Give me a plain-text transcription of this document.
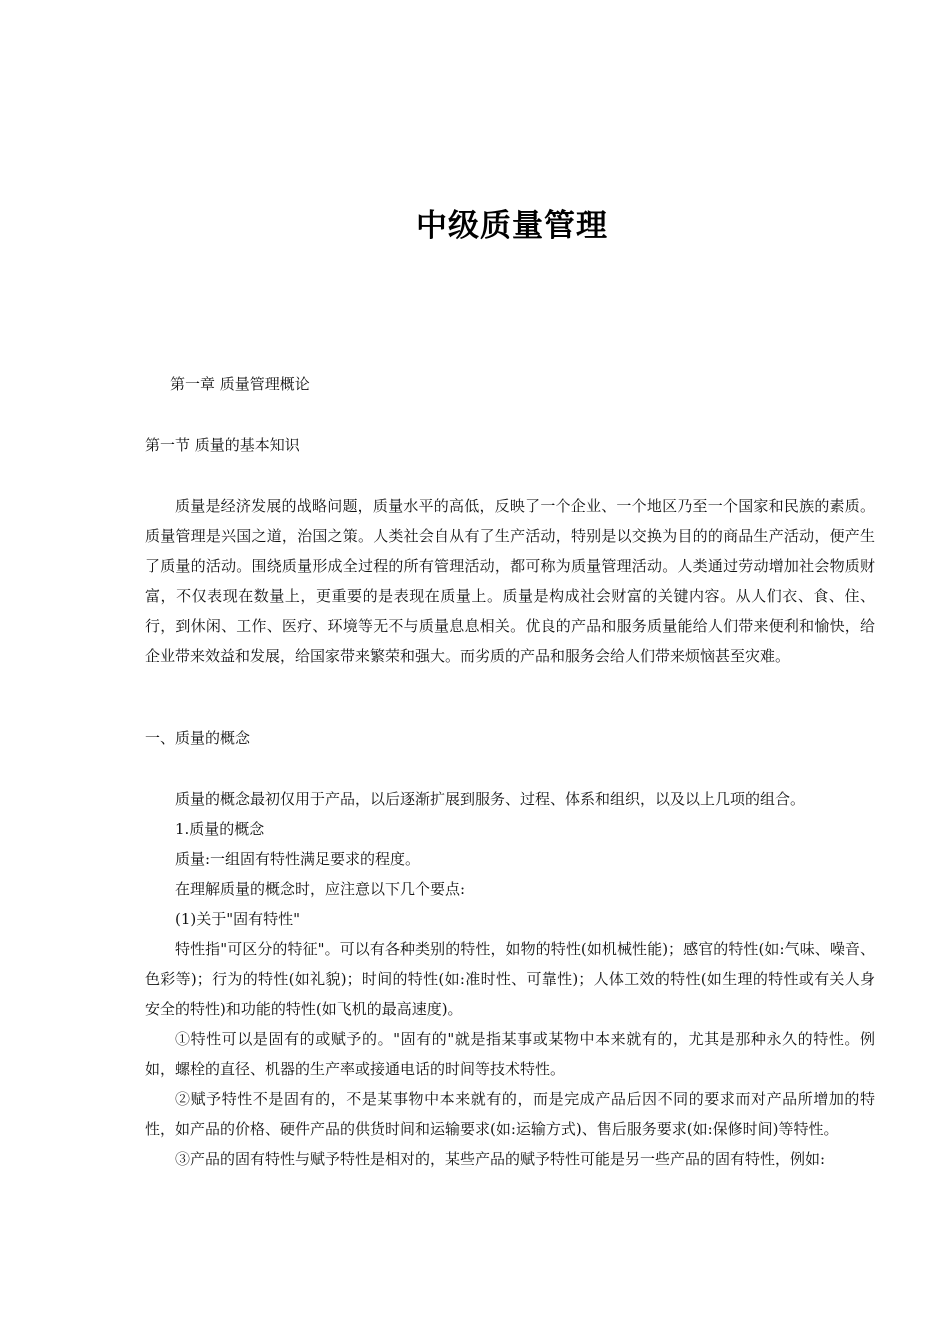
中级质量管理
第一章 质量管理概论
第一节 质量的基本知识

质量是经济发展的战略问题，质量水平的高低，反映了一个企业、一个地区乃至一个国家和民族的素质。质量管理是兴国之道，治国之策。人类社会自从有了生产活动，特别是以交换为目的的商品生产活动，便产生了质量的活动。围绕质量形成全过程的所有管理活动，都可称为质量管理活动。人类通过劳动增加社会物质财富，不仅表现在数量上，更重要的是表现在质量上。质量是构成社会财富的关键内容。从人们衣、食、住、行，到休闲、工作、医疗、环境等无不与质量息息相关。优良的产品和服务质量能给人们带来便利和愉快，给企业带来效益和发展，给国家带来繁荣和强大。而劣质的产品和服务会给人们带来烦恼甚至灾难。

一、质量的概念

质量的概念最初仅用于产品，以后逐渐扩展到服务、过程、体系和组织，以及以上几项的组合。

1.质量的概念

质量:一组固有特性满足要求的程度。

在理解质量的概念时，应注意以下几个要点:

(1)关于"固有特性"

特性指"可区分的特征"。可以有各种类别的特性，如物的特性(如机械性能)；感官的特性(如:气味、噪音、色彩等)；行为的特性(如礼貌)；时间的特性(如:准时性、可靠性)；人体工效的特性(如生理的特性或有关人身安全的特性)和功能的特性(如飞机的最高速度)。

①特性可以是固有的或赋予的。"固有的"就是指某事或某物中本来就有的，尤其是那种永久的特性。例如，螺栓的直径、机器的生产率或接通电话的时间等技术特性。

②赋予特性不是固有的，不是某事物中本来就有的，而是完成产品后因不同的要求而对产品所增加的特性，如产品的价格、硬件产品的供货时间和运输要求(如:运输方式)、售后服务要求(如:保修时间)等特性。

③产品的固有特性与赋予特性是相对的，某些产品的赋予特性可能是另一些产品的固有特性，例如:
